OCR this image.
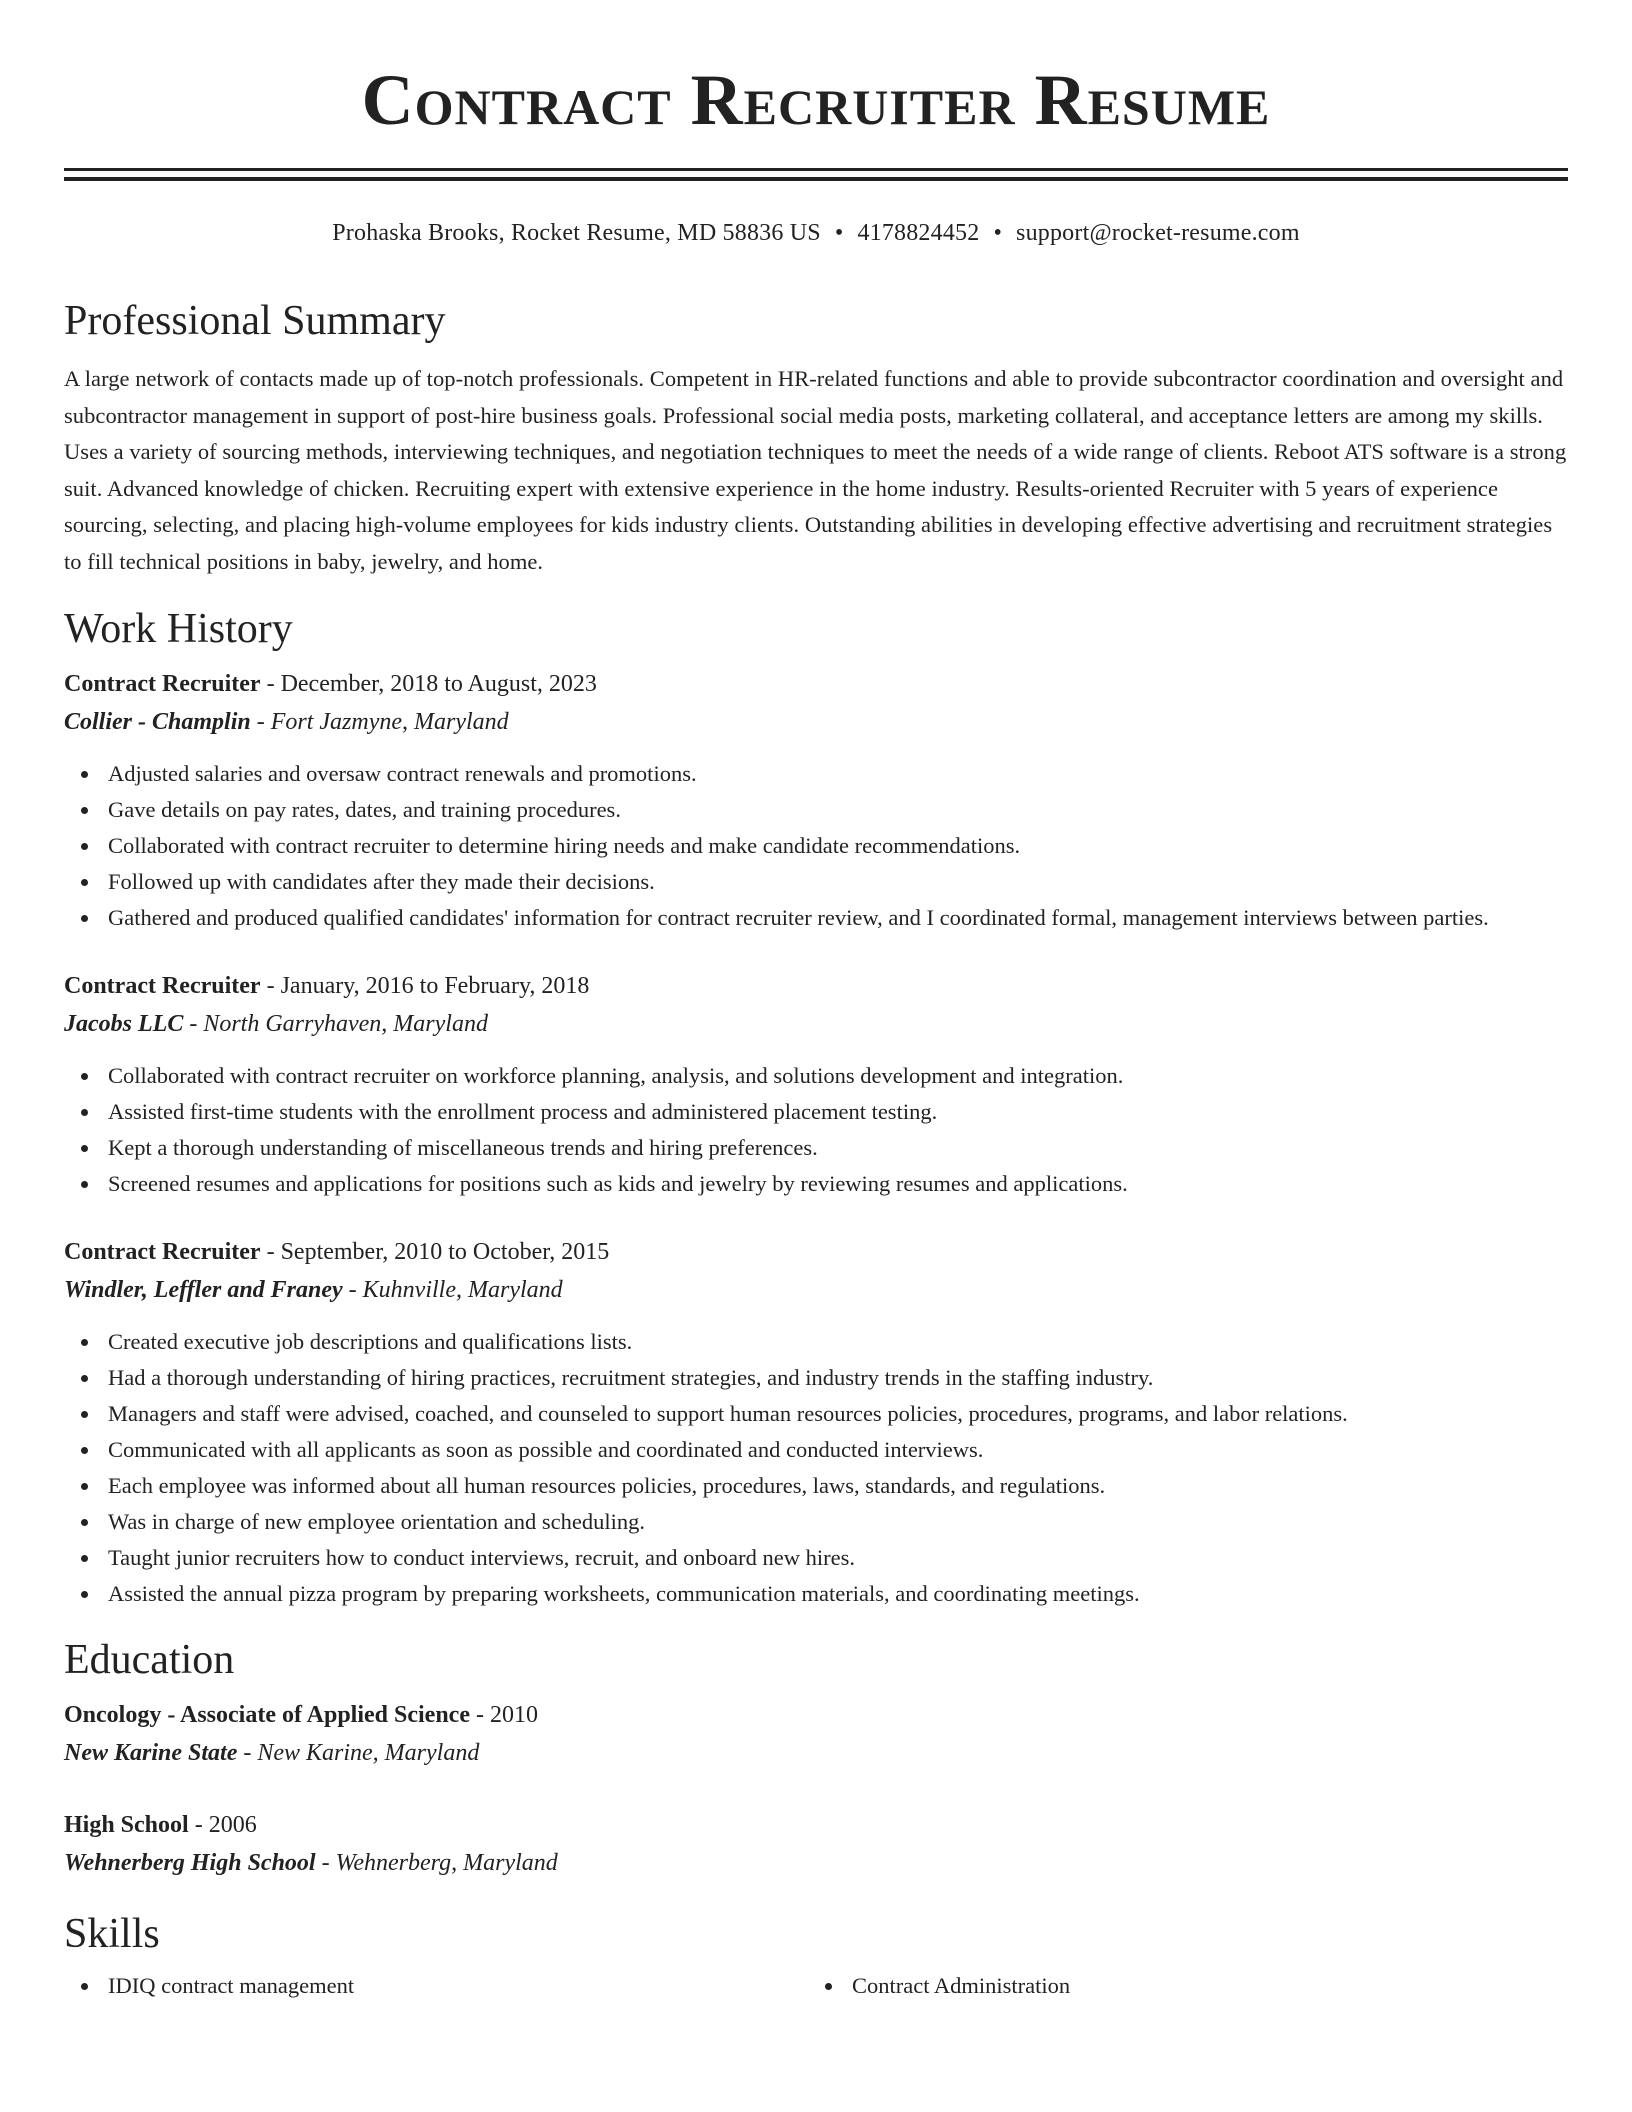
Contract Recruiter Resume
Prohaska Brooks, Rocket Resume, MD 58836 US • 4178824452 • support@rocket-resume.com
Professional Summary

A large network of contacts made up of top-notch professionals. Competent in HR-related functions and able to provide subcontractor coordination and oversight and subcontractor management in support of post-hire business goals. Professional social media posts, marketing collateral, and acceptance letters are among my skills. Uses a variety of sourcing methods, interviewing techniques, and negotiation techniques to meet the needs of a wide range of clients. Reboot ATS software is a strong suit. Advanced knowledge of chicken. Recruiting expert with extensive experience in the home industry. Results-oriented Recruiter with 5 years of experience sourcing, selecting, and placing high-volume employees for kids industry clients. Outstanding abilities in developing effective advertising and recruitment strategies to fill technical positions in baby, jewelry, and home.

Work History
Contract Recruiter - December, 2018 to August, 2023
Collier - Champlin - Fort Jazmyne, Maryland
Adjusted salaries and oversaw contract renewals and promotions.
Gave details on pay rates, dates, and training procedures.
Collaborated with contract recruiter to determine hiring needs and make candidate recommendations.
Followed up with candidates after they made their decisions.
Gathered and produced qualified candidates' information for contract recruiter review, and I coordinated formal, management interviews between parties.
Contract Recruiter - January, 2016 to February, 2018
Jacobs LLC - North Garryhaven, Maryland
Collaborated with contract recruiter on workforce planning, analysis, and solutions development and integration.
Assisted first-time students with the enrollment process and administered placement testing.
Kept a thorough understanding of miscellaneous trends and hiring preferences.
Screened resumes and applications for positions such as kids and jewelry by reviewing resumes and applications.
Contract Recruiter - September, 2010 to October, 2015
Windler, Leffler and Franey - Kuhnville, Maryland
Created executive job descriptions and qualifications lists.
Had a thorough understanding of hiring practices, recruitment strategies, and industry trends in the staffing industry.
Managers and staff were advised, coached, and counseled to support human resources policies, procedures, programs, and labor relations.
Communicated with all applicants as soon as possible and coordinated and conducted interviews.
Each employee was informed about all human resources policies, procedures, laws, standards, and regulations.
Was in charge of new employee orientation and scheduling.
Taught junior recruiters how to conduct interviews, recruit, and onboard new hires.
Assisted the annual pizza program by preparing worksheets, communication materials, and coordinating meetings.
Education
Oncology - Associate of Applied Science - 2010
New Karine State - New Karine, Maryland
High School - 2006
Wehnerberg High School - Wehnerberg, Maryland
Skills
IDIQ contract management	Contract Administration
